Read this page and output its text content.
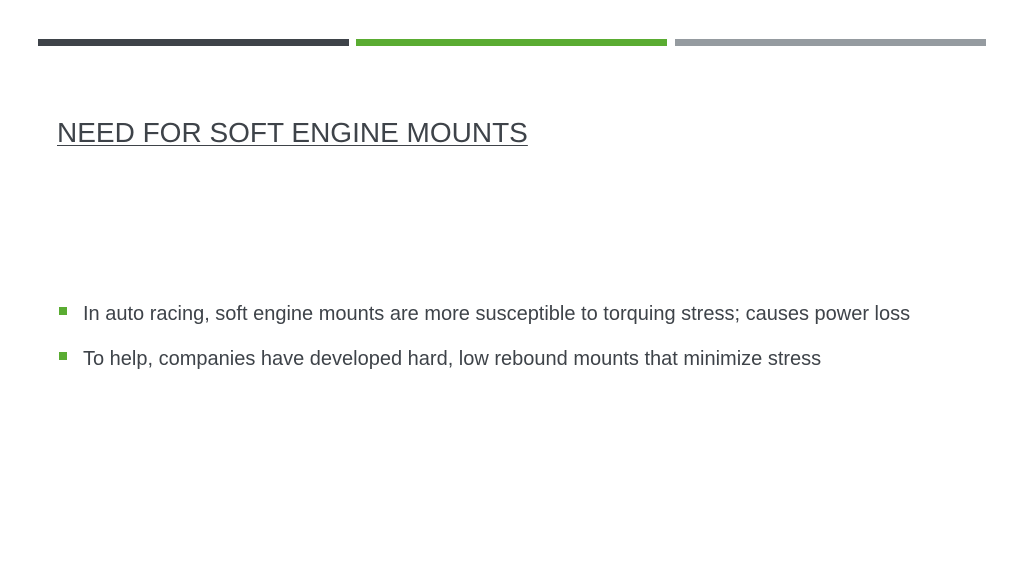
NEED FOR SOFT ENGINE MOUNTS
In auto racing, soft engine mounts are more susceptible to torquing stress; causes power loss
To help, companies have developed hard, low rebound mounts that minimize stress
